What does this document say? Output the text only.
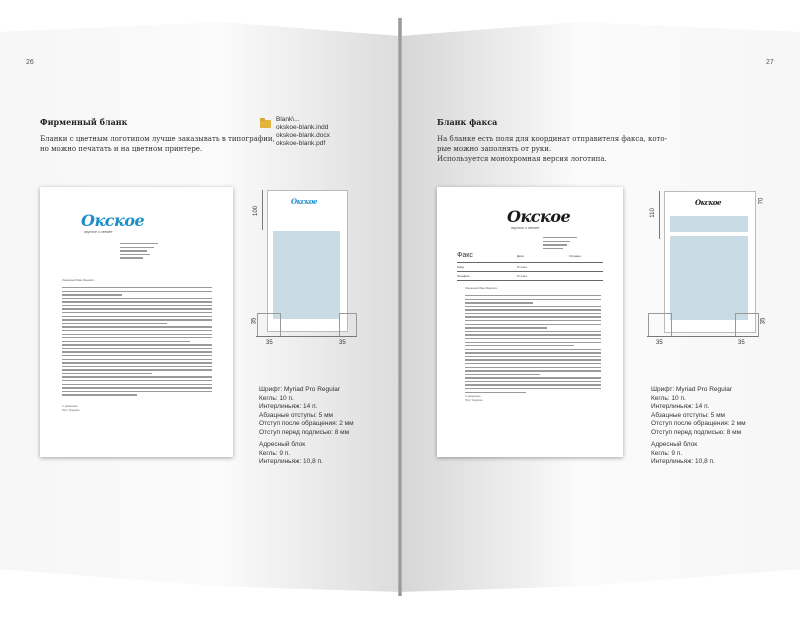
26
Фирменный бланк
Бланки с цветным логотипом лучше заказывать в типографии,
но можно печатать и на цветном принтере.
Blank\...
okskoe-blank.indd
okskoe-blank.docx
okskoe-blank.pdf
Окское
вкусное и свежее
Уважаемый Иван Иванович,
С уважением,
Пётр Теодорин
Окское
100
35
35	35

Шрифт: Myriad Pro Regular

Кегль: 10 п.

Интерлиньяж: 14 п.

Абзацные отступы: 5 мм

Отступ после обращения: 2 мм

Отступ перед подписью: 8 мм

Адресный блок

Кегль: 9 п.

Интерлиньяж: 10,8 п.

27
Бланк факса
На бланке есть поля для координат отправителя факса, кото-
рые можно заполнять от руки.
Используется монохромная версия логотипа.
Окское
вкусное и свежее
Факс	Дата	Страниц
Кому	От кого
Телефон	От кого
Уважаемый Иван Иванович,
С уважением,
Пётр Теодорин
Окское
110
70
35
35	35

Шрифт: Myriad Pro Regular

Кегль: 10 п.

Интерлиньяж: 14 п.

Абзацные отступы: 5 мм

Отступ после обращения: 2 мм

Отступ перед подписью: 8 мм

Адресный блок

Кегль: 9 п.

Интерлиньяж: 10,8 п.
